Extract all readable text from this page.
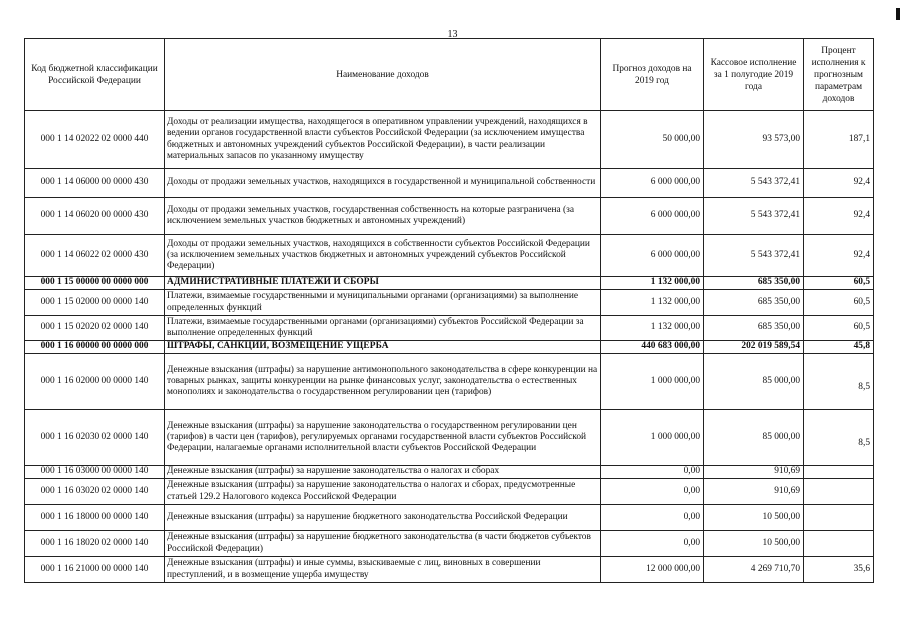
13
Код бюджетной классификации Российской Федерации	Наименование доходов	Прогноз доходов на 2019 год	Кассовое исполнение за 1 полугодие 2019 года	Процент исполнения к прогнозным параметрам доходов
000 1 14 02022 02 0000 440	Доходы от реализации имущества, находящегося в оперативном управлении учреждений, находящихся в ведении органов государственной власти субъектов Российской Федерации (за исключением имущества бюджетных и автономных учреждений субъектов Российской Федерации), в части реализации материальных запасов по указанному имуществу	50 000,00	93 573,00	187,1
000 1 14 06000 00 0000 430	Доходы от продажи земельных участков, находящихся в государственной и муниципальной собственности	6 000 000,00	5 543 372,41	92,4
000 1 14 06020 00 0000 430	Доходы от продажи земельных участков, государственная собственность на которые разграничена (за исключением земельных участков бюджетных и автономных учреждений)	6 000 000,00	5 543 372,41	92,4
000 1 14 06022 02 0000 430	Доходы от продажи земельных участков, находящихся в собственности субъектов Российской Федерации (за исключением земельных участков бюджетных и автономных учреждений субъектов Российской Федерации)	6 000 000,00	5 543 372,41	92,4
000 1 15 00000 00 0000 000	АДМИНИСТРАТИВНЫЕ ПЛАТЕЖИ И СБОРЫ	1 132 000,00	685 350,00	60,5
000 1 15 02000 00 0000 140	Платежи, взимаемые государственными и муниципальными органами (организациями) за выполнение определенных функций	1 132 000,00	685 350,00	60,5
000 1 15 02020 02 0000 140	Платежи, взимаемые государственными органами (организациями) субъектов Российской Федерации за выполнение определенных функций	1 132 000,00	685 350,00	60,5
000 1 16 00000 00 0000 000	ШТРАФЫ, САНКЦИИ, ВОЗМЕЩЕНИЕ УЩЕРБА	440 683 000,00	202 019 589,54	45,8
000 1 16 02000 00 0000 140	Денежные взыскания (штрафы) за нарушение антимонопольного законодательства в сфере конкуренции на товарных рынках, защиты конкуренции на рынке финансовых услуг, законодательства о естественных монополиях и законодательства о государственном регулировании цен (тарифов)	1 000 000,00	85 000,00	8,5
000 1 16 02030 02 0000 140	Денежные взыскания (штрафы) за нарушение законодательства о государственном регулировании цен (тарифов) в части цен (тарифов), регулируемых органами государственной власти субъектов Российской Федерации, налагаемые органами исполнительной власти субъектов Российской Федерации	1 000 000,00	85 000,00	8,5
000 1 16 03000 00 0000 140	Денежные взыскания (штрафы) за нарушение законодательства о налогах и сборах	0,00	910,69	
000 1 16 03020 02 0000 140	Денежные взыскания (штрафы) за нарушение законодательства о налогах и сборах, предусмотренные статьей 129.2 Налогового кодекса Российской Федерации	0,00	910,69	
000 1 16 18000 00 0000 140	Денежные взыскания (штрафы) за нарушение бюджетного законодательства Российской Федерации	0,00	10 500,00	
000 1 16 18020 02 0000 140	Денежные взыскания (штрафы) за нарушение бюджетного законодательства (в части бюджетов субъектов Российской Федерации)	0,00	10 500,00	
000 1 16 21000 00 0000 140	Денежные взыскания (штрафы) и иные суммы, взыскиваемые с лиц, виновных в совершении преступлений, и в возмещение ущерба имуществу	12 000 000,00	4 269 710,70	35,6
